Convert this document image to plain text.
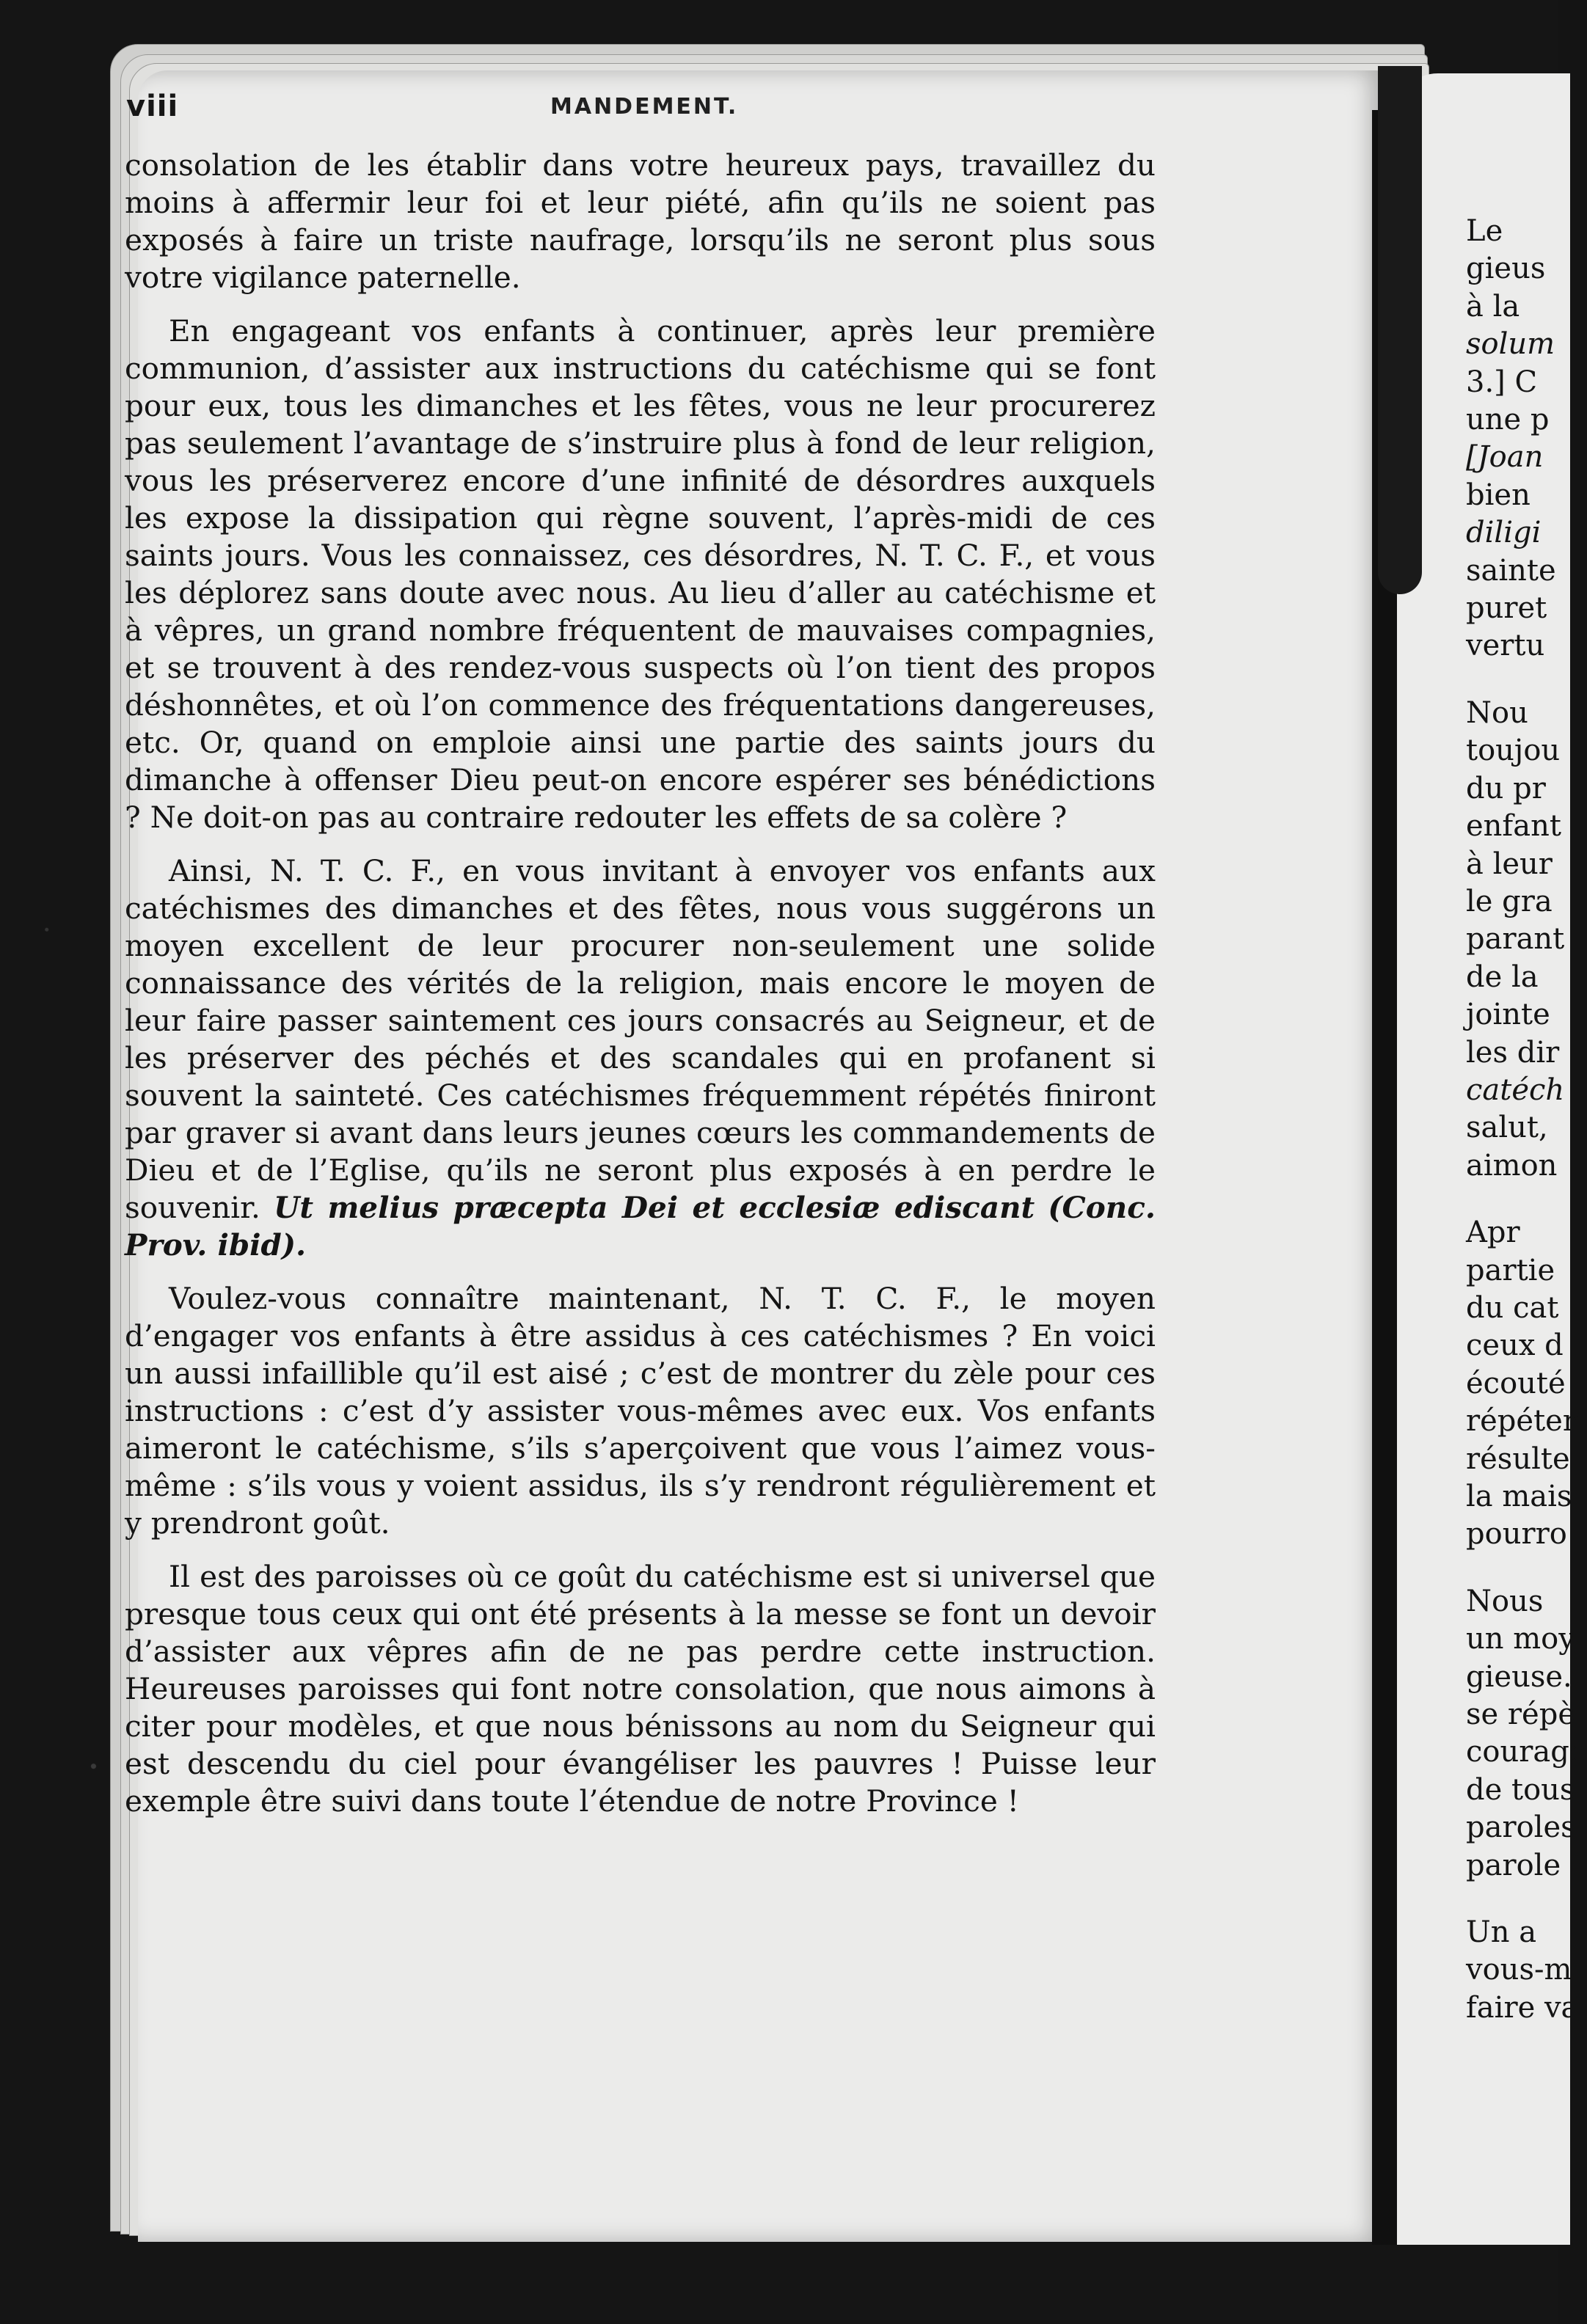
Le
gieus
à la
solum
3.] C
une p
[Joan
bien
diligi
sainte
puret
vertu
Nou
toujou
du pr
enfant
à leur
le gra
parant
de la
jointe
les dir
catéch
salut,
aimon
Apr
partie
du cat
ceux d
écouté
répéten
résulte
la mais
pourro
Nous
un moy
gieuse.
se répè
courage
de tous
paroles
parole
Un a
vous-m
faire va
viii	MANDEMENT.

consolation de les établir dans votre heureux pays, travaillez du moins à affermir leur foi et leur piété, afin qu’ils ne soient pas exposés à faire un triste naufrage, lorsqu’ils ne seront plus sous votre vigilance paternelle.

En engageant vos enfants à continuer, après leur première communion, d’assister aux instructions du catéchisme qui se font pour eux, tous les dimanches et les fêtes, vous ne leur procurerez pas seulement l’avantage de s’instruire plus à fond de leur religion, vous les préserverez encore d’une infinité de désordres auxquels les expose la dissipation qui règne souvent, l’après-midi de ces saints jours. Vous les connaissez, ces désordres, N. T. C. F., et vous les déplorez sans doute avec nous. Au lieu d’aller au catéchisme et à vêpres, un grand nombre fréquentent de mauvaises compagnies, et se trouvent à des rendez-vous suspects où l’on tient des propos déshonnêtes, et où l’on commence des fréquentations dangereuses, etc. Or, quand on emploie ainsi une partie des saints jours du dimanche à offenser Dieu peut-on encore espérer ses bénédictions ? Ne doit-on pas au contraire redouter les effets de sa colère ?

Ainsi, N. T. C. F., en vous invitant à envoyer vos enfants aux catéchismes des dimanches et des fêtes, nous vous suggérons un moyen excellent de leur procurer non-seulement une solide connaissance des vérités de la religion, mais encore le moyen de leur faire passer saintement ces jours consacrés au Seigneur, et de les préserver des péchés et des scandales qui en profanent si souvent la sainteté. Ces catéchismes fréquemment répétés finiront par graver si avant dans leurs jeunes cœurs les commandements de Dieu et de l’Eglise, qu’ils ne seront plus exposés à en perdre le souvenir. Ut melius præcepta Dei et ecclesiæ ediscant (Conc. Prov. ibid).

Voulez-vous connaître maintenant, N. T. C. F., le moyen d’engager vos enfants à être assidus à ces catéchismes ? En voici un aussi infaillible qu’il est aisé ; c’est de montrer du zèle pour ces instructions : c’est d’y assister vous-mêmes avec eux. Vos enfants aimeront le catéchisme, s’ils s’aperçoivent que vous l’aimez vous-même : s’ils vous y voient assidus, ils s’y rendront régulièrement et y prendront goût.

Il est des paroisses où ce goût du catéchisme est si universel que presque tous ceux qui ont été présents à la messe se font un devoir d’assister aux vêpres afin de ne pas perdre cette instruction. Heureuses paroisses qui font notre consolation, que nous aimons à citer pour modèles, et que nous bénissons au nom du Seigneur qui est descendu du ciel pour évangéliser les pauvres ! Puisse leur exemple être suivi dans toute l’étendue de notre Province !
